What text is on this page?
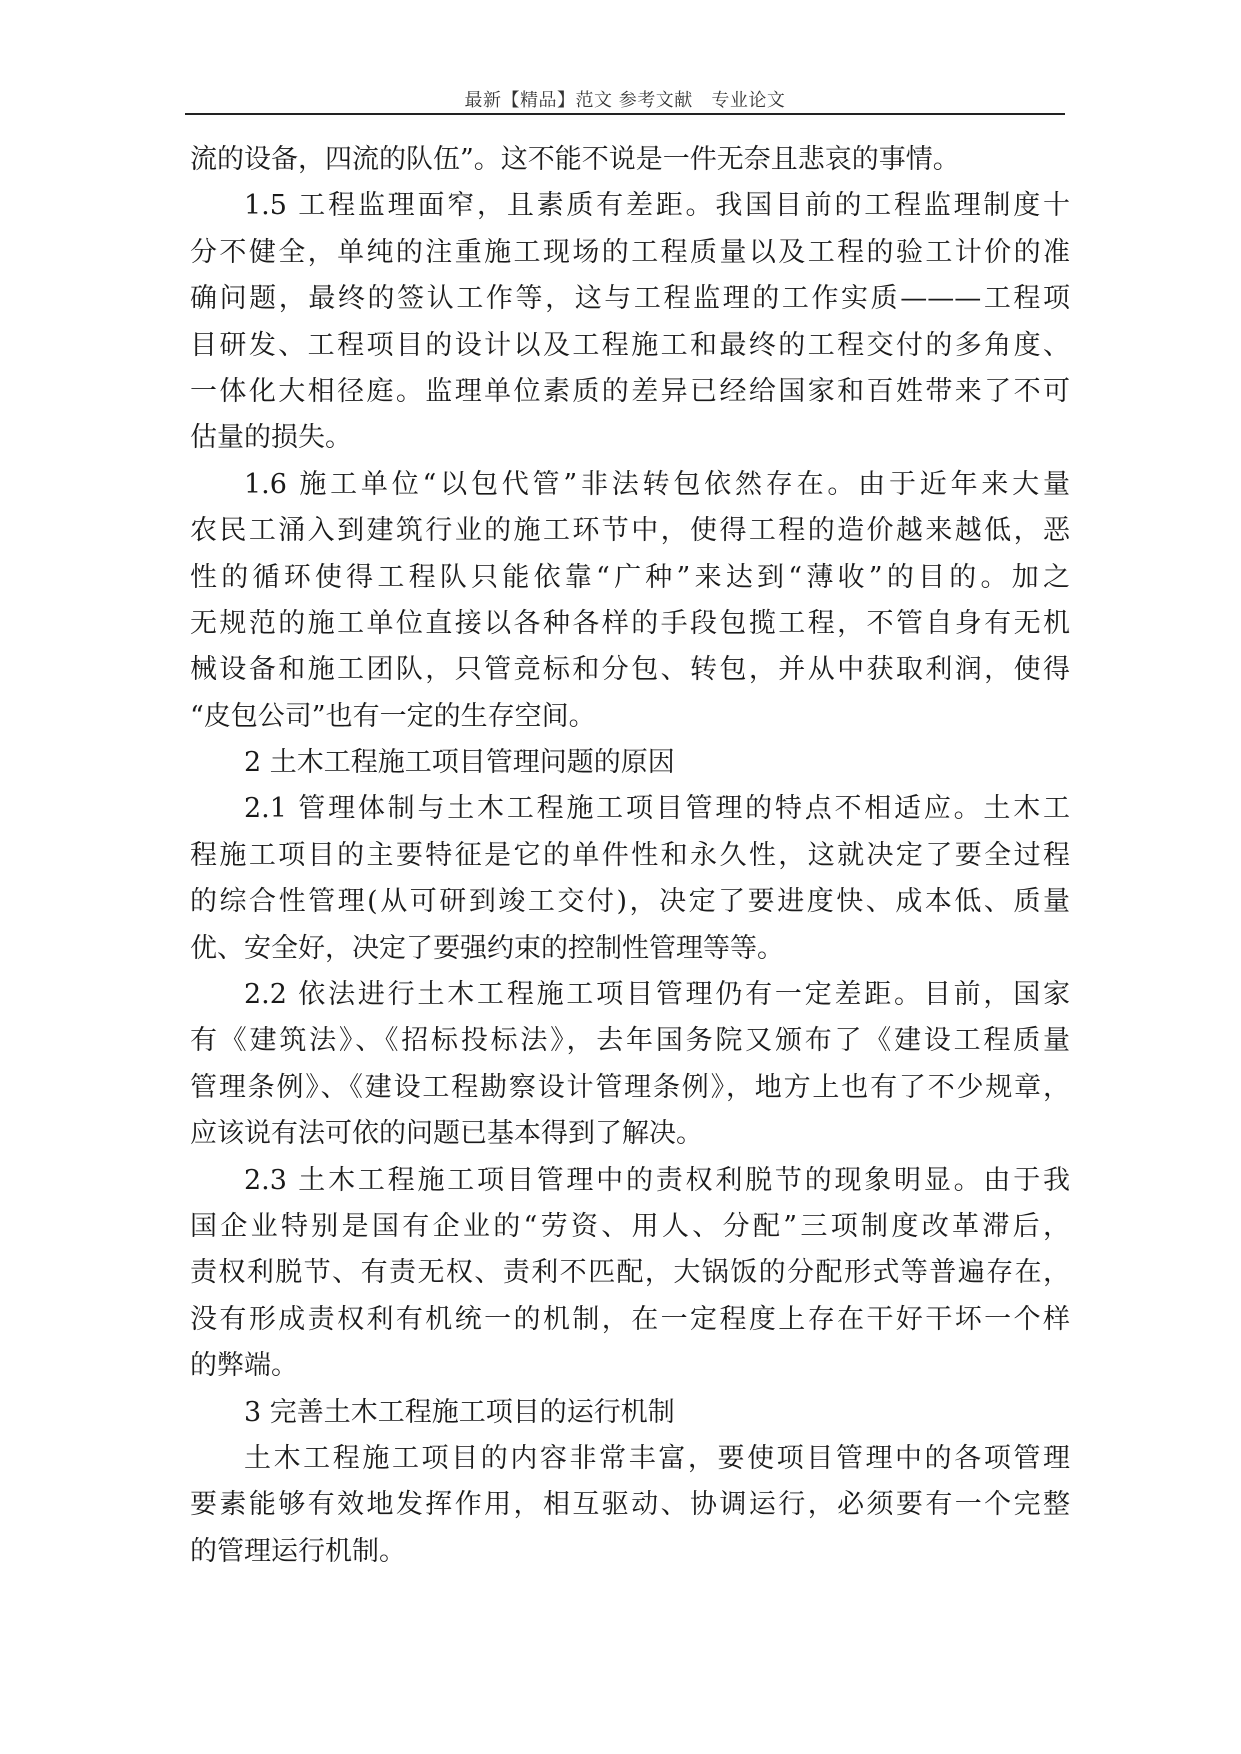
最新【精品】范文 参考文献   专业论文
流的设备，四流的队伍”。这不能不说是一件无奈且悲哀的事情。
1.5 工程监理面窄，且素质有差距。我国目前的工程监理制度十
分不健全，单纯的注重施工现场的工程质量以及工程的验工计价的准
确问题，最终的签认工作等，这与工程监理的工作实质———工程项
目研发、工程项目的设计以及工程施工和最终的工程交付的多角度、
一体化大相径庭。监理单位素质的差异已经给国家和百姓带来了不可
估量的损失。
1.6 施工单位“以包代管”非法转包依然存在。由于近年来大量
农民工涌入到建筑行业的施工环节中，使得工程的造价越来越低，恶
性的循环使得工程队只能依靠“广种”来达到“薄收”的目的。加之
无规范的施工单位直接以各种各样的手段包揽工程，不管自身有无机
械设备和施工团队，只管竞标和分包、转包，并从中获取利润，使得
“皮包公司”也有一定的生存空间。
2 土木工程施工项目管理问题的原因
2.1 管理体制与土木工程施工项目管理的特点不相适应。土木工
程施工项目的主要特征是它的单件性和永久性，这就决定了要全过程
的综合性管理(从可研到竣工交付)，决定了要进度快、成本低、质量
优、安全好，决定了要强约束的控制性管理等等。
2.2 依法进行土木工程施工项目管理仍有一定差距。目前，国家
有《建筑法》、《招标投标法》，去年国务院又颁布了《建设工程质量
管理条例》、《建设工程勘察设计管理条例》，地方上也有了不少规章，
应该说有法可依的问题已基本得到了解决。
2.3 土木工程施工项目管理中的责权利脱节的现象明显。由于我
国企业特别是国有企业的“劳资、用人、分配”三项制度改革滞后，
责权利脱节、有责无权、责利不匹配，大锅饭的分配形式等普遍存在，
没有形成责权利有机统一的机制，在一定程度上存在干好干坏一个样
的弊端。
3 完善土木工程施工项目的运行机制
土木工程施工项目的内容非常丰富，要使项目管理中的各项管理
要素能够有效地发挥作用，相互驱动、协调运行，必须要有一个完整
的管理运行机制。
